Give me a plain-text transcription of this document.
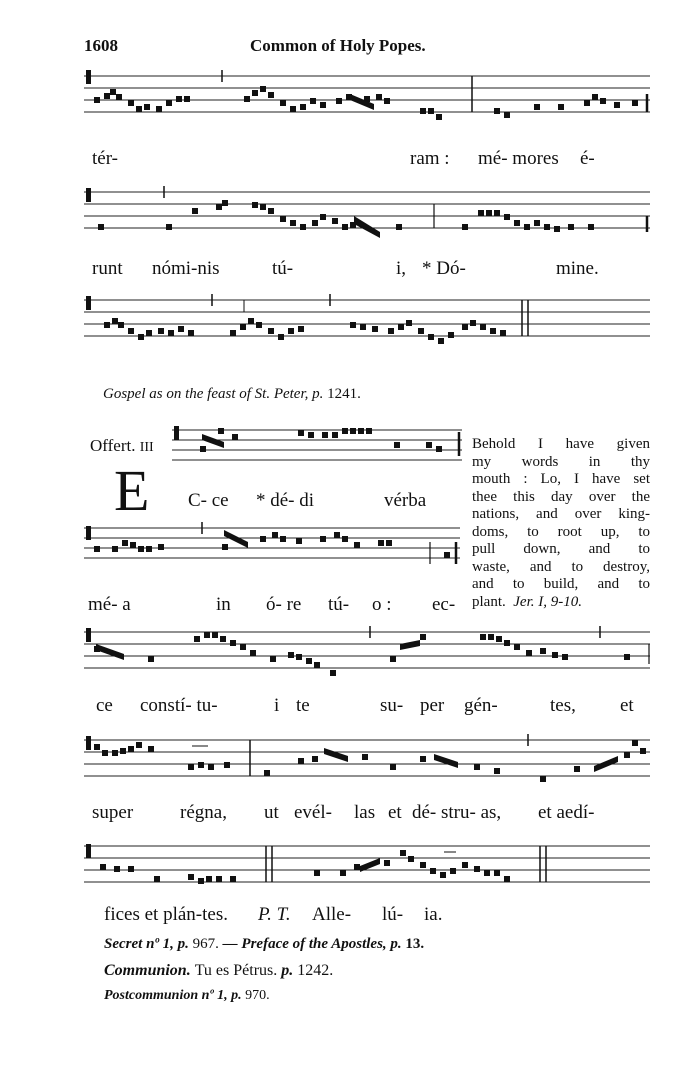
1608	Common of Holy Popes.
tér-	ram : mé- mores é-
runt nómi-nis	tú-	i, * Dó-	mine.
Gospel as on the feast of St. Peter, p. 1241.
Offert. III
E C- ce * dé- di	vérba
mé- a	in ó- re tú- o : ec-
Behold I have given
my words in thy
mouth : Lo, I have set
thee this day over the
nations, and over king-
doms, to root up, to
pull down, and to
waste, and to destroy,
and to build, and to
plant. Jer. I, 9-10.
ce constí- tu-	i te	su- per gén-	tes, et
super régna, ut evél- las et dé- stru- as, et aedí-
fices et plán-tes. P. T. Alle- lú- ia.
Secret nº 1, p. 967. — Preface of the Apostles, p. 13.
Communion. Tu es Pétrus. p. 1242.
Postcommunion nº 1, p. 970.
